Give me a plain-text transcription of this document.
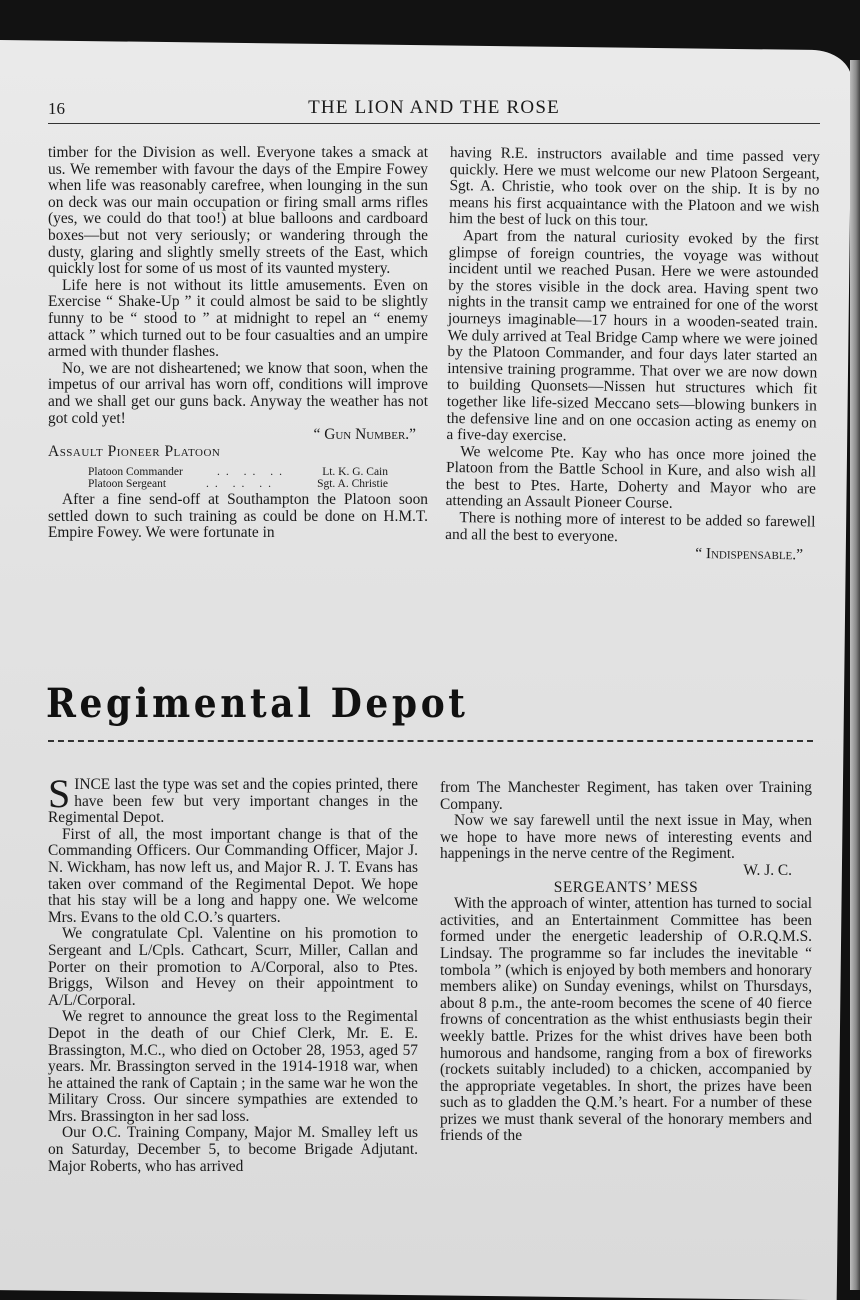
16	THE LION AND THE ROSE

timber for the Division as well. Everyone takes a smack at us. We remember with favour the days of the Empire Fowey when life was reasonably carefree, when lounging in the sun on deck was our main occupation or firing small arms rifles (yes, we could do that too!) at blue balloons and cardboard boxes—but not very seriously; or wandering through the dusty, glaring and slightly smelly streets of the East, which quickly lost for some of us most of its vaunted mystery.

Life here is not without its little amusements. Even on Exercise “ Shake-Up ” it could almost be said to be slightly funny to be “ stood to ” at midnight to repel an “ enemy attack ” which turned out to be four casualties and an umpire armed with thunder flashes.

No, we are not disheartened; we know that soon, when the impetus of our arrival has worn off, conditions will improve and we shall get our guns back. Anyway the weather has not got cold yet!

“ Gun Number.”

Assault Pioneer Platoon

Platoon Commander	.. .. ..	Lt. K. G. Cain
Platoon Sergeant	.. .. ..	Sgt. A. Christie

After a fine send-off at Southampton the Platoon soon settled down to such training as could be done on H.M.T. Empire Fowey. We were fortunate in

having R.E. instructors available and time passed very quickly. Here we must welcome our new Platoon Sergeant, Sgt. A. Christie, who took over on the ship. It is by no means his first acquaintance with the Platoon and we wish him the best of luck on this tour.

Apart from the natural curiosity evoked by the first glimpse of foreign countries, the voyage was without incident until we reached Pusan. Here we were astounded by the stores visible in the dock area. Having spent two nights in the transit camp we entrained for one of the worst journeys imaginable—17 hours in a wooden-seated train. We duly arrived at Teal Bridge Camp where we were joined by the Platoon Commander, and four days later started an intensive training programme. That over we are now down to building Quonsets—Nissen hut structures which fit together like life-sized Meccano sets—blowing bunkers in the defensive line and on one occasion acting as enemy on a five-day exercise.

We welcome Pte. Kay who has once more joined the Platoon from the Battle School in Kure, and also wish all the best to Ptes. Harte, Doherty and Mayor who are attending an Assault Pioneer Course.

There is nothing more of interest to be added so farewell and all the best to everyone.

“ Indispensable.”

Regimental Depot

SINCE last the type was set and the copies printed, there have been few but very important changes in the Regimental Depot.

First of all, the most important change is that of the Commanding Officers. Our Commanding Officer, Major J. N. Wickham, has now left us, and Major R. J. T. Evans has taken over command of the Regimental Depot. We hope that his stay will be a long and happy one. We welcome Mrs. Evans to the old C.O.’s quarters.

We congratulate Cpl. Valentine on his promotion to Sergeant and L/Cpls. Cathcart, Scurr, Miller, Callan and Porter on their promotion to A/Corporal, also to Ptes. Briggs, Wilson and Hevey on their appointment to A/L/Corporal.

We regret to announce the great loss to the Regimental Depot in the death of our Chief Clerk, Mr. E. E. Brassington, M.C., who died on October 28, 1953, aged 57 years. Mr. Brassington served in the 1914-1918 war, when he attained the rank of Captain ; in the same war he won the Military Cross. Our sincere sympathies are extended to Mrs. Brassington in her sad loss.

Our O.C. Training Company, Major M. Smalley left us on Saturday, December 5, to become Brigade Adjutant. Major Roberts, who has arrived

from The Manchester Regiment, has taken over Training Company.

Now we say farewell until the next issue in May, when we hope to have more news of interesting events and happenings in the nerve centre of the Regiment.

W. J. C.

SERGEANTS’ MESS

With the approach of winter, attention has turned to social activities, and an Entertainment Committee has been formed under the energetic leadership of O.R.Q.M.S. Lindsay. The programme so far includes the inevitable “ tombola ” (which is enjoyed by both members and honorary members alike) on Sunday evenings, whilst on Thursdays, about 8 p.m., the ante-room becomes the scene of 40 fierce frowns of concentration as the whist enthusiasts begin their weekly battle. Prizes for the whist drives have been both humorous and handsome, ranging from a box of fireworks (rockets suitably included) to a chicken, accompanied by the appropriate vegetables. In short, the prizes have been such as to gladden the Q.M.’s heart. For a number of these prizes we must thank several of the honorary members and friends of the
